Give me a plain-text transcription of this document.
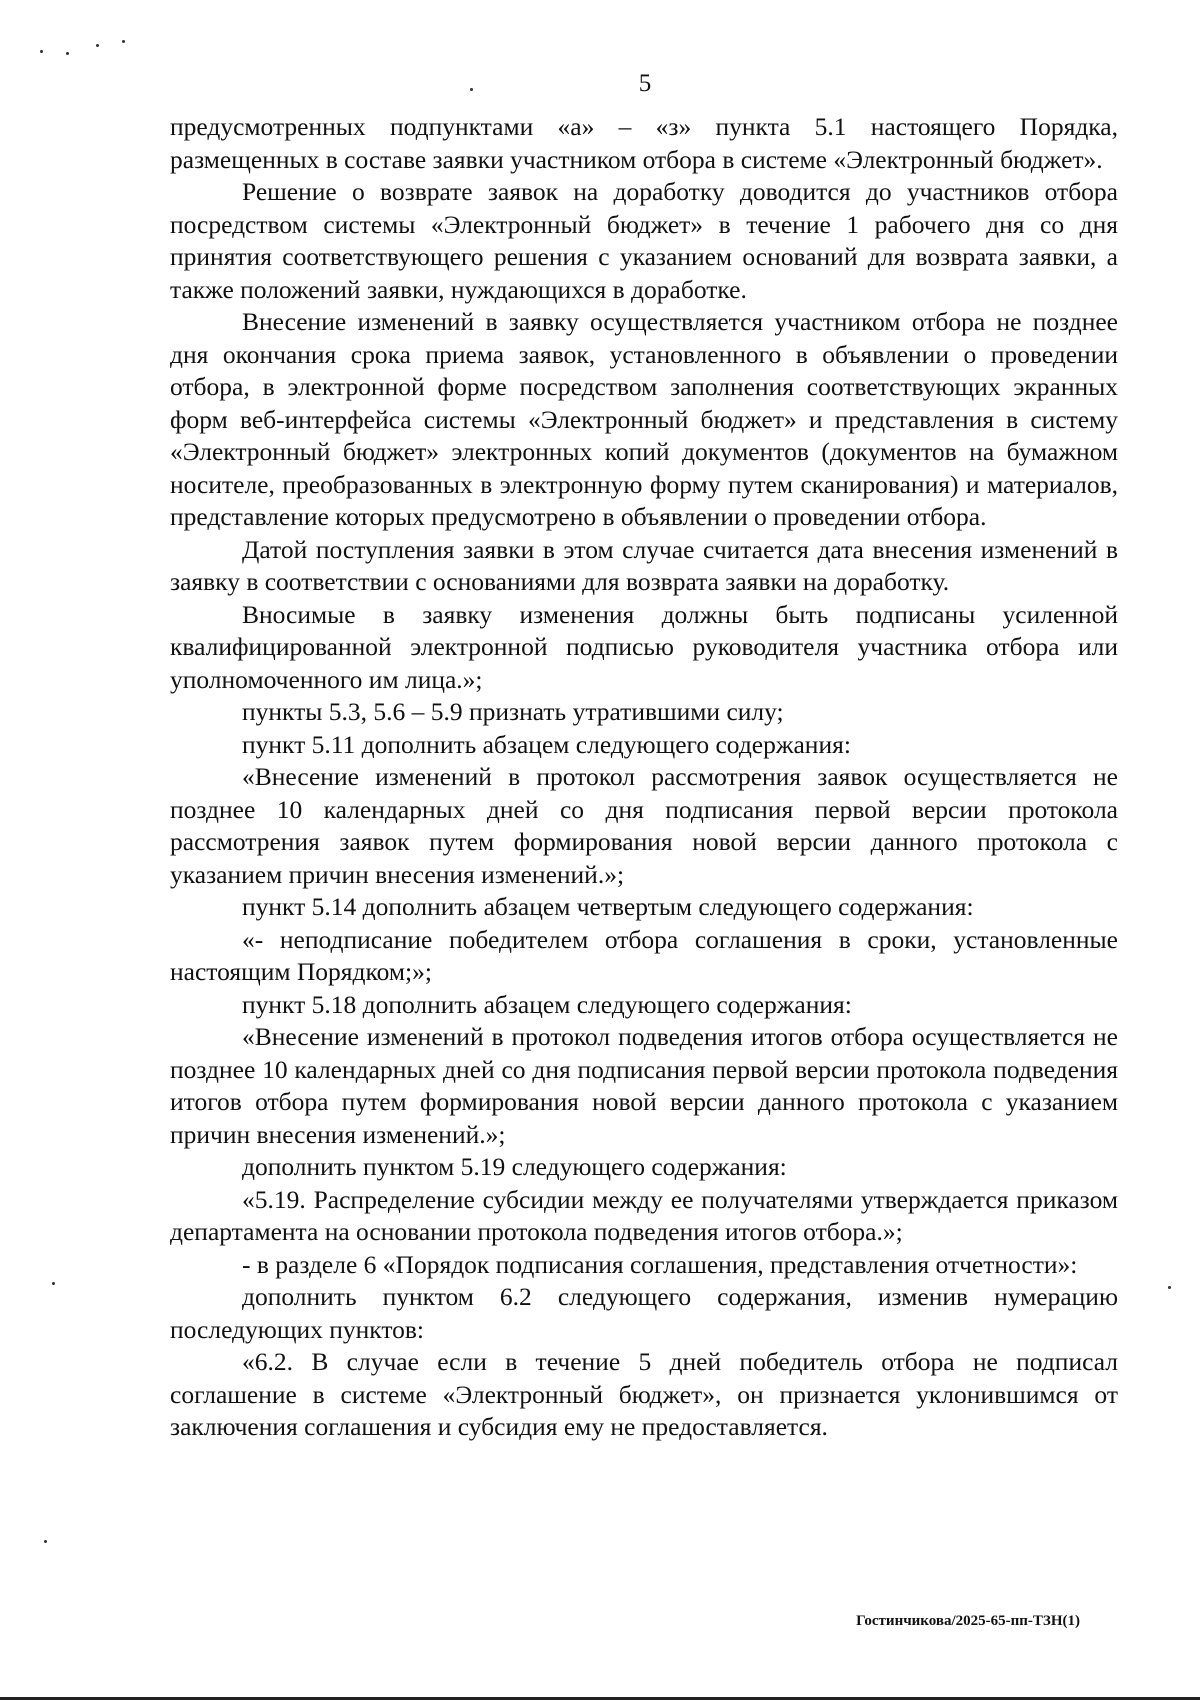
5

предусмотренных подпунктами «а» – «з» пункта 5.1 настоящего Порядка, размещенных в составе заявки участником отбора в системе «Электронный бюджет».

Решение о возврате заявок на доработку доводится до участников отбора посредством системы «Электронный бюджет» в течение 1 рабочего дня со дня принятия соответствующего решения с указанием оснований для возврата заявки, а также положений заявки, нуждающихся в доработке.

Внесение изменений в заявку осуществляется участником отбора не позднее дня окончания срока приема заявок, установленного в объявлении о проведении отбора, в электронной форме посредством заполнения соответствующих экранных форм веб-интерфейса системы «Электронный бюджет» и представления в систему «Электронный бюджет» электронных копий документов (документов на бумажном носителе, преобразованных в электронную форму путем сканирования) и материалов, представление которых предусмотрено в объявлении о проведении отбора.

Датой поступления заявки в этом случае считается дата внесения изменений в заявку в соответствии с основаниями для возврата заявки на доработку.

Вносимые в заявку изменения должны быть подписаны усиленной квалифицированной электронной подписью руководителя участника отбора или уполномоченного им лица.»;

пункты 5.3, 5.6 – 5.9 признать утратившими силу;

пункт 5.11 дополнить абзацем следующего содержания:

«Внесение изменений в протокол рассмотрения заявок осуществляется не позднее 10 календарных дней со дня подписания первой версии протокола рассмотрения заявок путем формирования новой версии данного протокола с указанием причин внесения изменений.»;

пункт 5.14 дополнить абзацем четвертым следующего содержания:

«- неподписание победителем отбора соглашения в сроки, установленные настоящим Порядком;»;

пункт 5.18 дополнить абзацем следующего содержания:

«Внесение изменений в протокол подведения итогов отбора осуществляется не позднее 10 календарных дней со дня подписания первой версии протокола подведения итогов отбора путем формирования новой версии данного протокола с указанием причин внесения изменений.»;

дополнить пунктом 5.19 следующего содержания:

«5.19. Распределение субсидии между ее получателями утверждается приказом департамента на основании протокола подведения итогов отбора.»;

- в разделе 6 «Порядок подписания соглашения, представления отчетности»:

дополнить пунктом 6.2 следующего содержания, изменив нумерацию последующих пунктов:

«6.2. В случае если в течение 5 дней победитель отбора не подписал соглашение в системе «Электронный бюджет», он признается уклонившимся от заключения соглашения и субсидия ему не предоставляется.

Гостинчикова/2025-65-пп-ТЗН(1)
